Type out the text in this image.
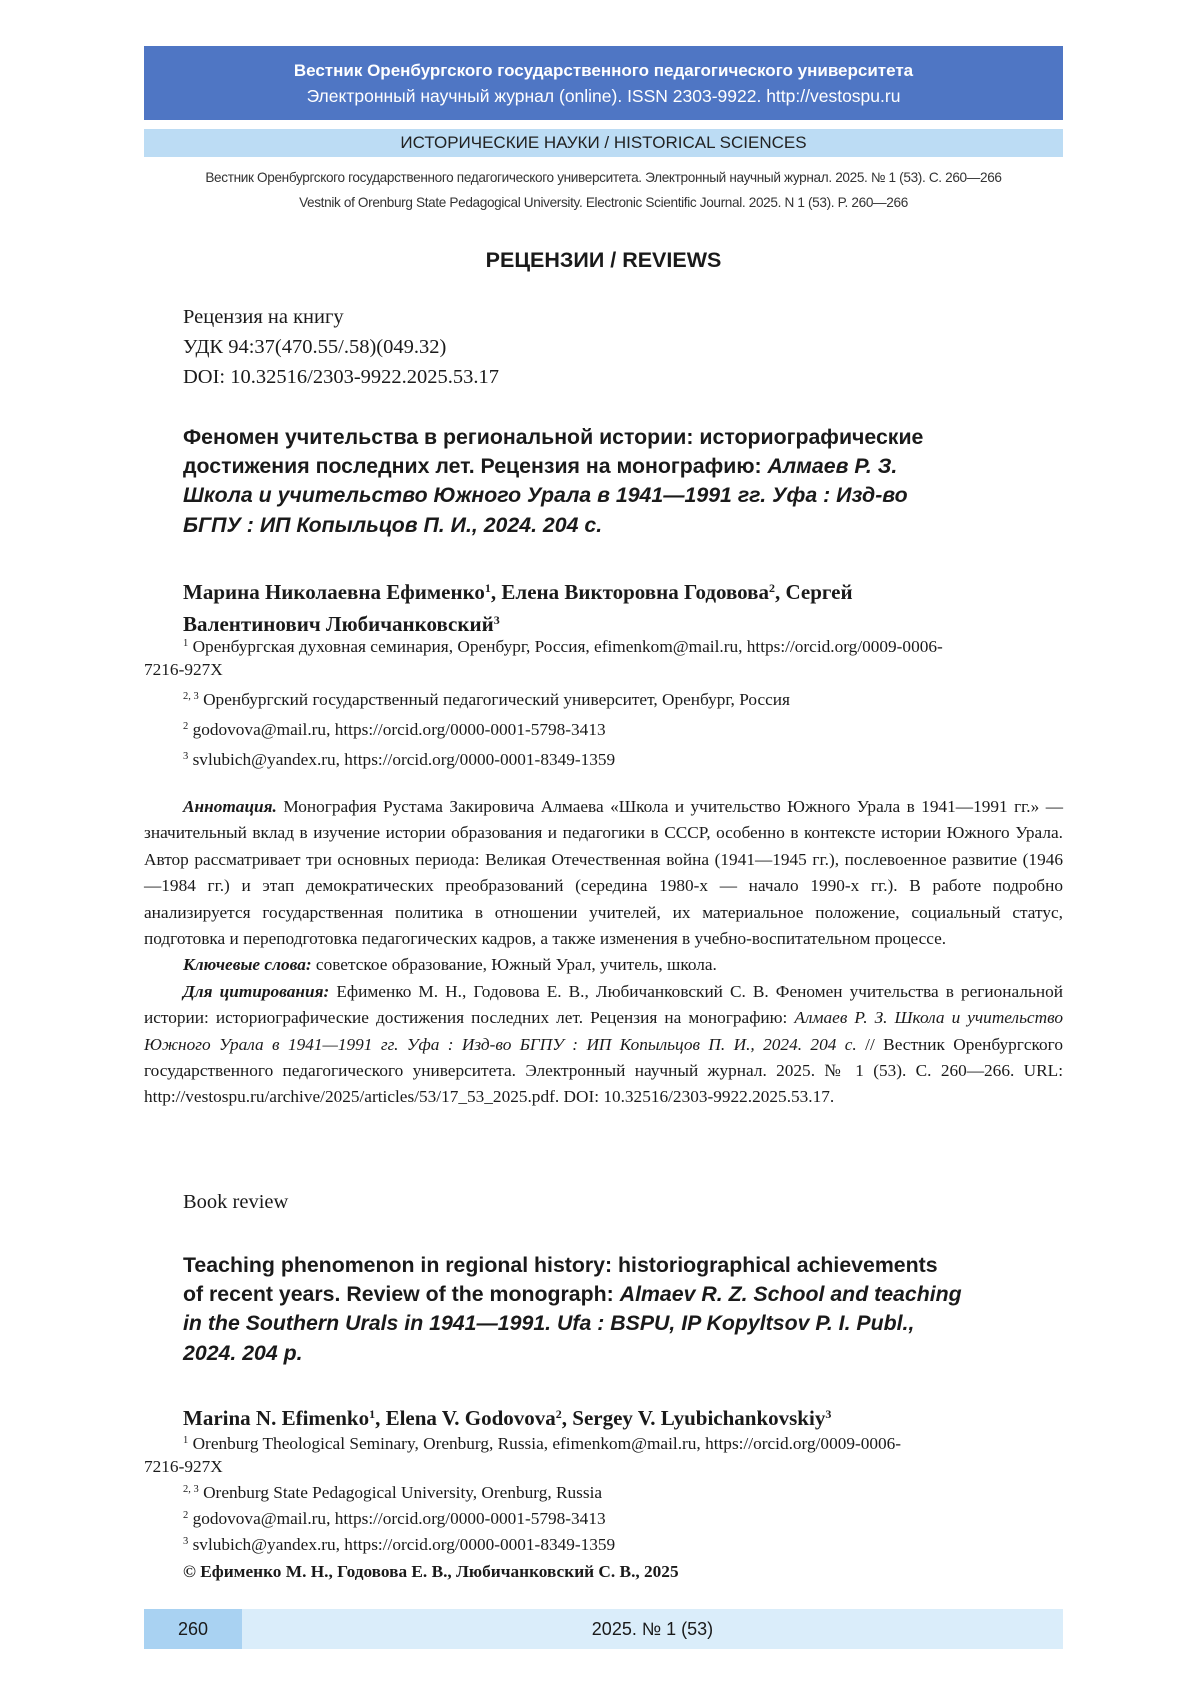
Вестник Оренбургского государственного педагогического университета
Электронный научный журнал (online). ISSN 2303-9922. http://vestospu.ru
ИСТОРИЧЕСКИЕ НАУКИ / HISTORICAL SCIENCES
Вестник Оренбургского государственного педагогического университета. Электронный научный журнал. 2025. № 1 (53). С. 260—266
Vestnik of Orenburg State Pedagogical University. Electronic Scientific Journal. 2025. N 1 (53). P. 260—266
РЕЦЕНЗИИ / REVIEWS
Рецензия на книгу
УДК 94:37(470.55/.58)(049.32)
DOI: 10.32516/2303-9922.2025.53.17
Феномен учительства в региональной истории: историографические
достижения последних лет. Рецензия на монографию: Алмаев Р. З.
Школа и учительство Южного Урала в 1941—1991 гг. Уфа : Изд-во
БГПУ : ИП Копыльцов П. И., 2024. 204 с.
Марина Николаевна Ефименко$^1$, Елена Викторовна Годовова$^2$, Сергей
Валентинович Любичанковский$^3$
$^1$ Оренбургская духовная семинария, Оренбург, Россия, efimenkom@mail.ru, https://orcid.org/0009-0006-
7216-927X
$^{2, 3}$ Оренбургский государственный педагогический университет, Оренбург, Россия
$^2$ godovova@mail.ru, https://orcid.org/0000-0001-5798-3413
$^3$ svlubich@yandex.ru, https://orcid.org/0000-0001-8349-1359

Аннотация. Монография Рустама Закировича Алмаева «Школа и учительство Южного Урала в 1941—1991 гг.» — значительный вклад в изучение истории образования и педагогики в СССР, особенно в контексте истории Южного Урала. Автор рассматривает три основных периода: Великая Отечественная война (1941—1945 гг.), послевоенное развитие (1946—1984 гг.) и этап демократических преобразований (середина 1980-х — начало 1990-х гг.). В работе подробно анализируется государственная политика в отношении учителей, их материальное положение, социальный статус, подготовка и переподготовка педагогических кадров, а также изменения в учебно-воспитательном процессе.

Ключевые слова: советское образование, Южный Урал, учитель, школа.

Для цитирования: Ефименко М. Н., Годовова Е. В., Любичанковский С. В. Феномен учительства в региональной истории: историографические достижения последних лет. Рецензия на монографию: Алмаев Р. З. Школа и учительство Южного Урала в 1941—1991 гг. Уфа : Изд-во БГПУ : ИП Копыльцов П. И., 2024. 204 с. // Вестник Оренбургского государственного педагогического университета. Электронный научный журнал. 2025. № 1 (53). С. 260—266. URL: http://vestospu.ru/archive/2025/articles/53/17_53_2025.pdf. DOI: 10.32516/2303-9922.2025.53.17.

Book review
Teaching phenomenon in regional history: historiographical achievements
of recent years. Review of the monograph: Almaev R. Z. School and teaching
in the Southern Urals in 1941—1991. Ufa : BSPU, IP Kopyltsov P. I. Publ.,
2024. 204 p.
Marina N. Efimenko$^1$, Elena V. Godovova$^2$, Sergey V. Lyubichankovskiy$^3$
$^1$ Orenburg Theological Seminary, Orenburg, Russia, efimenkom@mail.ru, https://orcid.org/0009-0006-
7216-927X
$^{2, 3}$ Orenburg State Pedagogical University, Orenburg, Russia
$^2$ godovova@mail.ru, https://orcid.org/0000-0001-5798-3413
$^3$ svlubich@yandex.ru, https://orcid.org/0000-0001-8349-1359
© Ефименко М. Н., Годовова Е. В., Любичанковский С. В., 2025
260	2025. № 1 (53)
